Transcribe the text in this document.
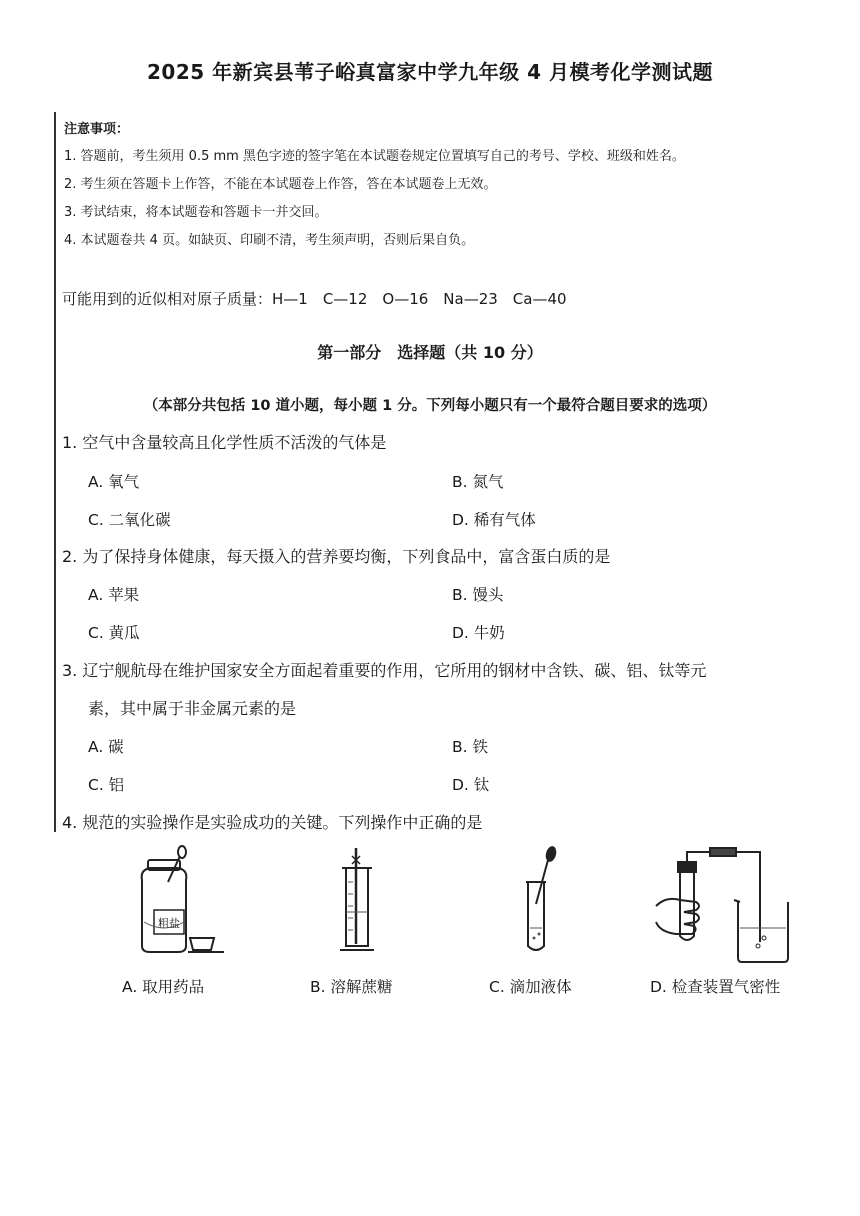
2025 年新宾县苇子峪真富家中学九年级 4 月模考化学测试题
注意事项：
1. 答题前，考生须用 0.5 mm 黑色字迹的签字笔在本试题卷规定位置填写自己的考号、学校、班级和姓名。
2. 考生须在答题卡上作答，不能在本试题卷上作答，答在本试题卷上无效。
3. 考试结束，将本试题卷和答题卡一并交回。
4. 本试题卷共 4 页。如缺页、印刷不清，考生须声明，否则后果自负。
可能用到的近似相对原子质量：H—1　C—12　O—16　Na—23　Ca—40
第一部分　选择题（共 10 分）
（本部分共包括 10 道小题，每小题 1 分。下列每小题只有一个最符合题目要求的选项）
1. 空气中含量较高且化学性质不活泼的气体是
A. 氧气	B. 氮气
C. 二氧化碳	D. 稀有气体
2. 为了保持身体健康，每天摄入的营养要均衡，下列食品中，富含蛋白质的是
A. 苹果	B. 馒头
C. 黄瓜	D. 牛奶
3. 辽宁舰航母在维护国家安全方面起着重要的作用，它所用的钢材中含铁、碳、铝、钛等元
素，其中属于非金属元素的是
A. 碳	B. 铁
C. 铝	D. 钛
4. 规范的实验操作是实验成功的关键。下列操作中正确的是
粗盐
A. 取用药品	B. 溶解蔗糖	C. 滴加液体	D. 检查装置气密性
